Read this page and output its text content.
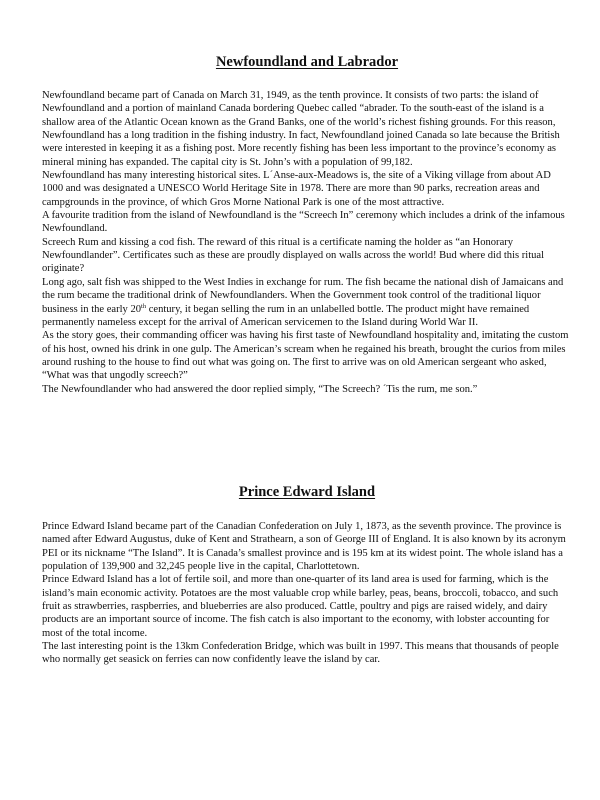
Newfoundland and Labrador

Newfoundland became part of Canada on March 31, 1949, as the tenth province. It consists of two parts: the island of Newfoundland and a portion of mainland Canada bordering Quebec called “abrader. To the south-east of the island is a shallow area of the Atlantic Ocean known as the Grand Banks, one of the world’s richest fishing grounds. For this reason, Newfoundland has a long tradition in the fishing industry. In fact, Newfoundland joined Canada so late because the British were interested in keeping it as a fishing post. More recently fishing has been less important to the province’s economy as mineral mining has expanded. The capital city is St. John’s with a population of 99,182.

Newfoundland has many interesting historical sites. L´Anse-aux-Meadows is, the site of a Viking village from about AD 1000 and was designated a UNESCO World Heritage Site in 1978. There are more than 90 parks, recreation areas and campgrounds in the province, of which Gros Morne National Park is one of the most attractive.

A favourite tradition from the island of Newfoundland is the “Screech In” ceremony which includes a drink of the infamous Newfoundland.

Screech Rum and kissing a cod fish. The reward of this ritual is a certificate naming the holder as “an Honorary Newfoundlander”. Certificates such as these are proudly displayed on walls across the world! Bud where did this ritual originate?

Long ago, salt fish was shipped to the West Indies in exchange for rum. The fish became the national dish of Jamaicans and the rum became the traditional drink of Newfoundlanders. When the Government took control of the traditional liquor business in the early 20th century, it began selling the rum in an unlabelled bottle. The product might have remained permanently nameless except for the arrival of American servicemen to the Island during World War II.

As the story goes, their commanding officer was having his first taste of Newfoundland hospitality and, imitating the custom of his host, owned his drink in one gulp. The American’s scream when he regained his breath, brought the curios from miles around rushing to the house to find out what was going on. The first to arrive was on old American sergeant who asked, “What was that ungodly screech?”

The Newfoundlander who had answered the door replied simply, “The Screech? ´Tis the rum, me son.”

Prince Edward Island

Prince Edward Island became part of the Canadian Confederation on July 1, 1873, as the seventh province. The province is named after Edward Augustus, duke of Kent and Strathearn, a son of George III of England. It is also known by its acronym PEI or its nickname “The Island”. It is Canada’s smallest province and is 195 km at its widest point. The whole island has a population of 139,900 and 32,245 people live in the capital, Charlottetown.

Prince Edward Island has a lot of fertile soil, and more than one-quarter of its land area is used for farming, which is the island’s main economic activity. Potatoes are the most valuable crop while barley, peas, beans, broccoli, tobacco, and such fruit as strawberries, raspberries, and blueberries are also produced. Cattle, poultry and pigs are raised widely, and dairy products are an important source of income. The fish catch is also important to the economy, with lobster accounting for most of the total income.

The last interesting point is the 13km Confederation Bridge, which was built in 1997. This means that thousands of people who normally get seasick on ferries can now confidently leave the island by car.
